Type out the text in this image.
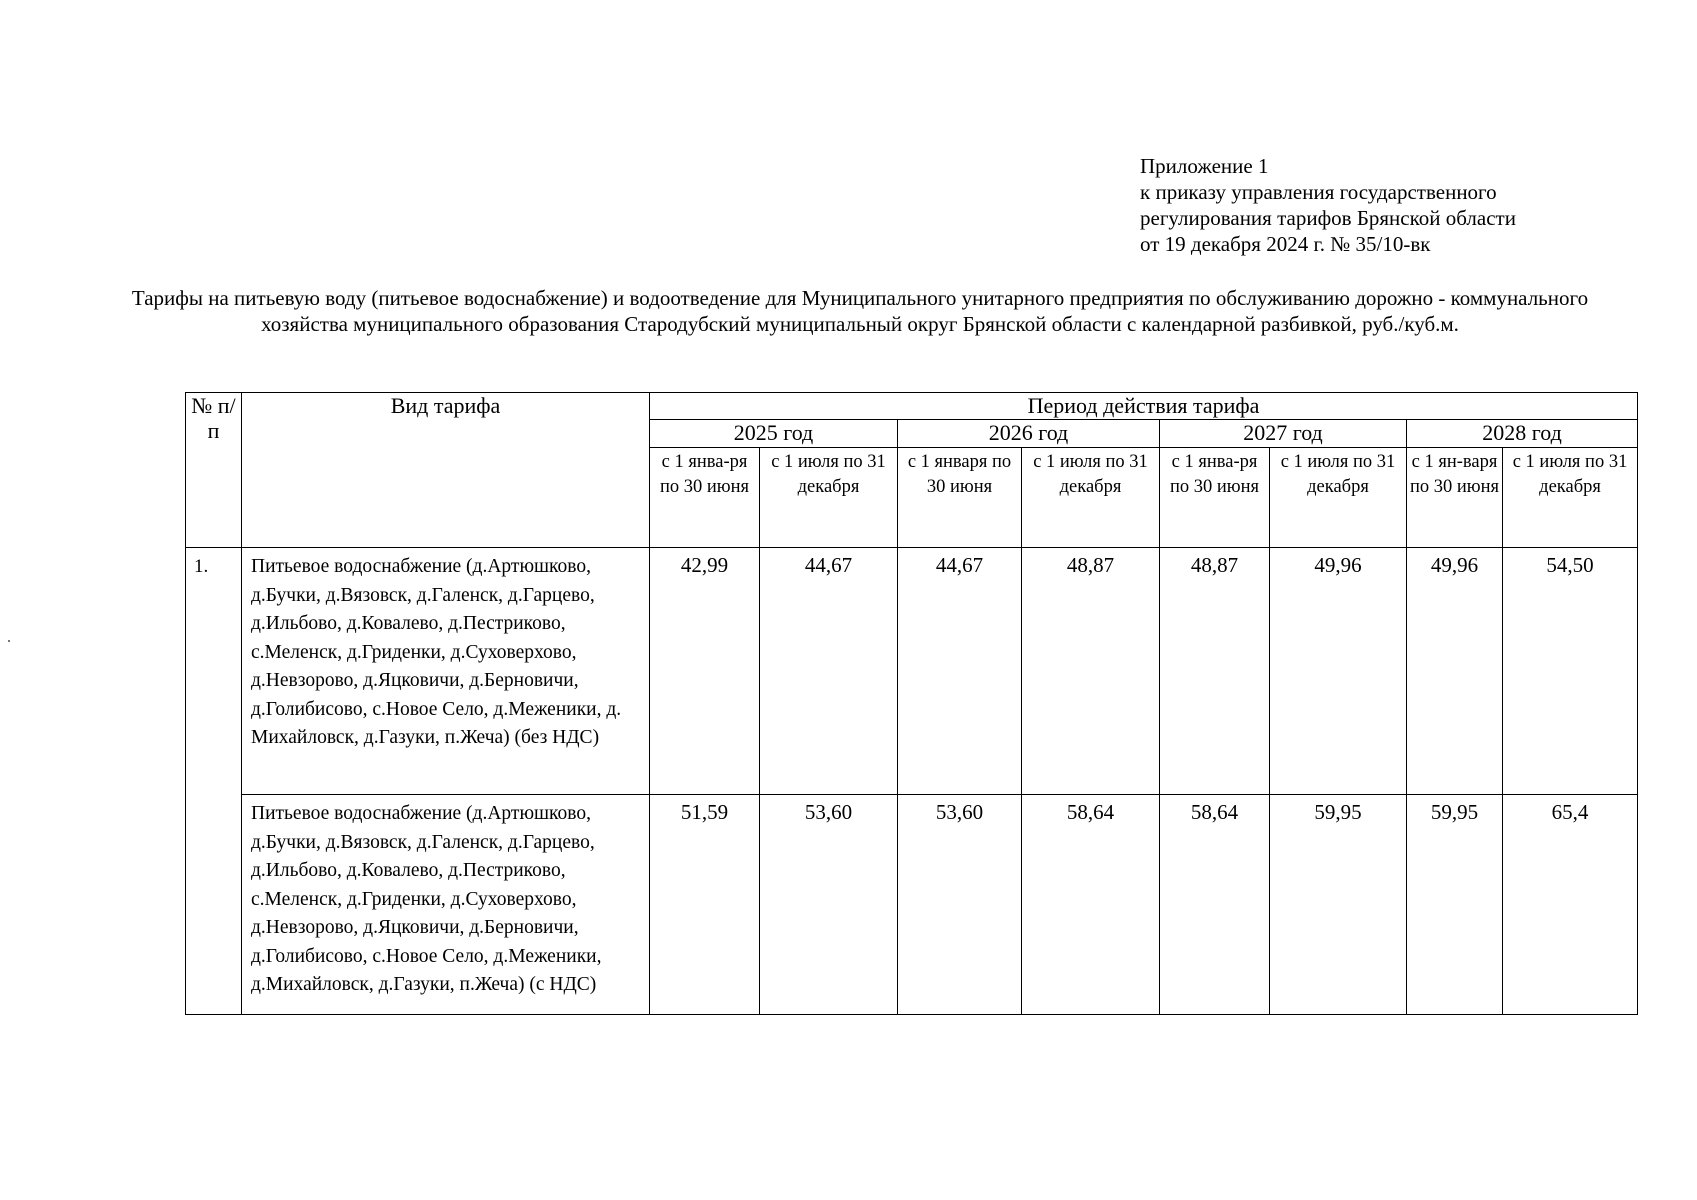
Приложение 1
к приказу управления государственного
регулирования тарифов Брянской области
от 19 декабря 2024 г. № 35/10-вк
Тарифы на питьевую воду (питьевое водоснабжение) и водоотведение для Муниципального унитарного предприятия по обслуживанию дорожно - коммунального хозяйства муниципального образования Стародубский муниципальный округ Брянской области с календарной разбивкой, руб./куб.м.
№ п/п	Вид тарифа	Период действия тарифа							
		2025 год		2026 год		2027 год		2028 год	
		с 1 янва-ря по 30 июня	с 1 июля по 31 декабря	с 1 января по 30 июня	с 1 июля по 31 декабря	с 1 янва-ря по 30 июня	с 1 июля по 31 декабря	с 1 ян-варя по 30 июня	с 1 июля по 31 декабря
1.	Питьевое водоснабжение (д.Артюшково, д.Бучки, д.Вязовск, д.Галенск, д.Гарцево, д.Ильбово, д.Ковалево, д.Пестриково, с.Меленск, д.Гриденки, д.Суховерхово, д.Невзорово, д.Яцковичи, д.Берновичи, д.Голибисово, с.Новое Село, д.Меженики, д. Михайловск, д.Газуки, п.Жеча) (без НДС)	42,99	44,67	44,67	48,87	48,87	49,96	49,96	54,50
	Питьевое водоснабжение (д.Артюшково, д.Бучки, д.Вязовск, д.Галенск, д.Гарцево, д.Ильбово, д.Ковалево, д.Пестриково, с.Меленск, д.Гриденки, д.Суховерхово, д.Невзорово, д.Яцковичи, д.Берновичи, д.Голибисово, с.Новое Село, д.Меженики, д.Михайловск, д.Газуки, п.Жеча) (с НДС)	51,59	53,60	53,60	58,64	58,64	59,95	59,95	65,4
